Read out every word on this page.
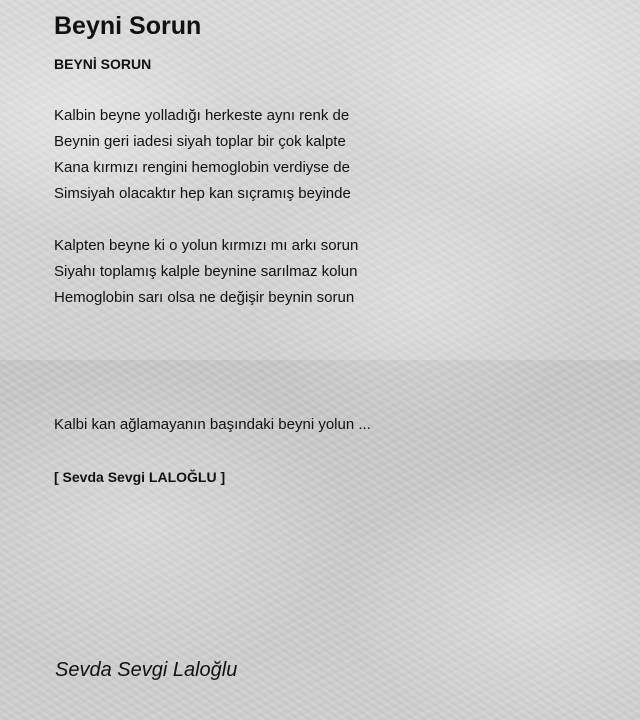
Beyni Sorun
BEYNİ SORUN
Kalbin beyne yolladığı herkeste aynı renk de
Beynin geri iadesi siyah toplar bir çok kalpte
Kana kırmızı rengini hemoglobin verdiyse de
Simsiyah olacaktır hep kan sıçramış beyinde
Kalpten beyne ki o yolun kırmızı mı arkı sorun
Siyahı toplamış kalple beynine sarılmaz kolun
Hemoglobin sarı olsa ne değişir beynin sorun
Kalbi kan ağlamayanın başındaki beyni yolun ...
[ Sevda Sevgi LALOĞLU ]
Sevda Sevgi Laloğlu
